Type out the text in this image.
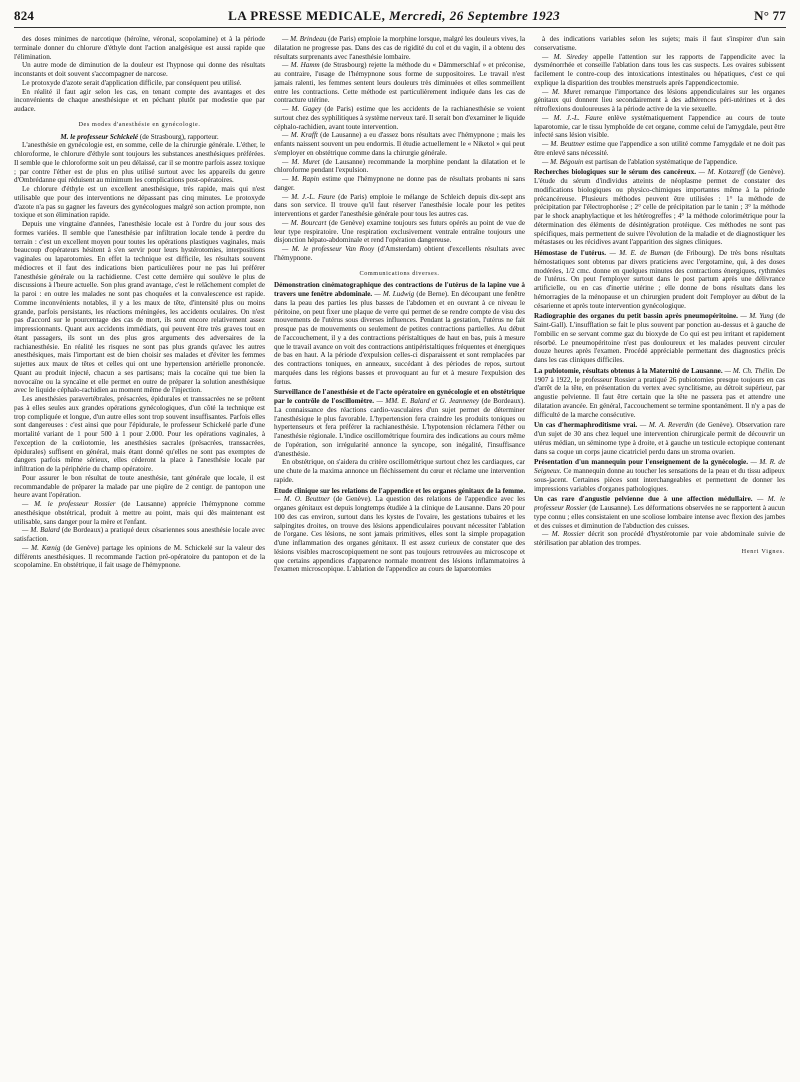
824	LA PRESSE MEDICALE, Mercredi, 26 Septembre 1923	N° 77

des doses minimes de narcotique (héroïne, véronal, scopolamine) et à la période terminale donner du chlorure d'éthyle dont l'action analgésique est aussi rapide que l'élimination.

Un autre mode de diminution de la douleur est l'hypnose qui donne des résultats inconstants et doit souvent s'accompagner de narcose.

Le protoxyde d'azote serait d'application difficile, par conséquent peu utilisé.

En réalité il faut agir selon les cas, en tenant compte des avantages et des inconvénients de chaque anesthésique et en péchant plutôt par modestie que par audace.

Des modes d'anesthésie en gynécologie.

M. le professeur Schickelé (de Strasbourg), rapporteur.

L'anesthésie en gynécologie est, en somme, celle de la chirurgie générale. L'éther, le chloroforme, le chlorure d'éthyle sont toujours les substances anesthésiques préférées. Il semble que le chloroforme soit un peu délaissé, car il se montre parfois assez toxique ; par contre l'éther est de plus en plus utilisé surtout avec les appareils du genre d'Ombrédanne qui réduisent au minimum les complications post-opératoires.

Le chlorure d'éthyle est un excellent anesthésique, très rapide, mais qui n'est utilisable que pour des interventions ne dépassant pas cinq minutes. Le protoxyde d'azote n'a pas su gagner les faveurs des gynécologues malgré son action prompte, non toxique et son élimination rapide.

Depuis une vingtaine d'années, l'anesthésie locale est à l'ordre du jour sous des formes variées. Il semble que l'anesthésie par infiltration locale tende à perdre du terrain : c'est un excellent moyen pour toutes les opérations plastiques vaginales, mais beaucoup d'opérateurs hésitent à s'en servir pour leurs hystérotomies, interpositions vaginales ou laparotomies. En effet la technique est difficile, les résultats souvent médiocres et il faut des indications bien particulières pour ne pas lui préférer l'anesthésie générale ou la rachidienne. C'est cette dernière qui soulève le plus de discussions à l'heure actuelle. Son plus grand avantage, c'est le relâchement complet de la paroi : en outre les malades ne sont pas choquées et la convalescence est rapide. Comme inconvénients notables, il y a les maux de tête, d'intensité plus ou moins grande, parfois persistants, les réactions méningées, les accidents oculaires. On n'est pas d'accord sur le pourcentage des cas de mort, ils sont encore relativement assez impressionnants. Quant aux accidents immédiats, qui peuvent être très graves tout en étant passagers, ils sont un des plus gros arguments des adversaires de la rachianesthésie. En réalité les risques ne sont pas plus grands qu'avec les autres anesthésiques, mais l'important est de bien choisir ses malades et d'éviter les femmes sujettes aux maux de têtes et celles qui ont une hypertension artérielle prononcée. Quant au produit injecté, chacun a ses partisans; mais la cocaïne qui tue bien la novocaïne ou la syncaïne et elle permet en outre de préparer la solution anesthésique avec le liquide céphalo-rachidien au moment même de l'injection.

Les anesthésies paravertébrales, présacrées, épidurales et transsacrées ne se prêtent pas à elles seules aux grandes opérations gynécologiques, d'un côté la technique est trop compliquée et longue, d'un autre elles sont trop souvent insuffisantes. Parfois elles sont dangereuses : c'est ainsi que pour l'épidurale, le professeur Schickelé parle d'une mortalité variant de 1 pour 500 à 1 pour 2.000. Pour les opérations vaginales, à l'exception de la cœliotomie, les anesthésies sacrales (présacrées, transsacrées, épidurales) suffisent en général, mais étant donné qu'elles ne sont pas exemptes de dangers parfois même sérieux, elles céderont la place à l'anesthésie locale par infiltration de la périphérie du champ opératoire.

Pour assurer le bon résultat de toute anesthésie, tant générale que locale, il est recommandable de préparer la malade par une piqûre de 2 centigr. de pantopon une heure avant l'opération.

— M. le professeur Rossier (de Lausanne) apprécie l'hémypnone comme anesthésique obstétrical, produit à mettre au point, mais qui dès maintenant est utilisable, sans danger pour la mère et l'enfant.

— M. Balard (de Bordeaux) a pratiqué deux césariennes sous anesthésie locale avec satisfaction.

— M. Kœnig (de Genève) partage les opinions de M. Schickelé sur la valeur des différents anesthésiques. Il recommande l'action pré-opératoire du pantopon et de la scopolamine. En obstétrique, il fait usage de l'hémypnone.

— M. Brindeau (de Paris) emploie la morphine lorsque, malgré les douleurs vives, la dilatation ne progresse pas. Dans des cas de rigidité du col et du vagin, il a obtenu des résultats surprenants avec l'anesthésie lombaire.

— M. Hamm (de Strasbourg) rejette la méthode du « Dämmerschlaf » et préconise, au contraire, l'usage de l'hémypnone sous forme de suppositoires. Le travail n'est jamais ralenti, les femmes sentent leurs douleurs très diminuées et elles sommeillent entre les contractions. Cette méthode est particulièrement indiquée dans les cas de contracture utérine.

— M. Gagey (de Paris) estime que les accidents de la rachianesthésie se voient surtout chez des syphilitiques à système nerveux taré. Il serait bon d'examiner le liquide céphalo-rachidien, avant toute intervention.

— M. Krafft (de Lausanne) a eu d'assez bons résultats avec l'hémypnone ; mais les enfants naissent souvent un peu endormis. Il étudie actuellement le « Niketol » qui peut s'employer en obstétrique comme dans la chirurgie générale.

— M. Muret (de Lausanne) recommande la morphine pendant la dilatation et le chloroforme pendant l'expulsion.

— M. Rapin estime que l'hémypnone ne donne pas de résultats probants ni sans danger.

— M. J.-L. Faure (de Paris) emploie le mélange de Schleich depuis dix-sept ans dans son service. Il trouve qu'il faut réserver l'anesthésie locale pour les petites interventions et garder l'anesthésie générale pour tous les autres cas.

— M. Bourcart (de Genève) examine toujours ses futurs opérés au point de vue de leur type respiratoire. Une respiration exclusivement ventrale entraîne toujours une disjonction hépato-abdominale et rend l'opération dangereuse.

— M. le professeur Van Rooy (d'Amsterdam) obtient d'excellents résultats avec l'hémypnone.

Communications diverses.

Démonstration cinématographique des contractions de l'utérus de la lapine vue à travers une fenêtre abdominale. — M. Ludwig (de Berne). En découpant une fenêtre dans la peau des parties les plus basses de l'abdomen et en ouvrant à ce niveau le péritoine, on peut fixer une plaque de verre qui permet de se rendre compte de visu des mouvements de l'utérus sous diverses influences. Pendant la gestation, l'utérus ne fait presque pas de mouvements ou seulement de petites contractions partielles. Au début de l'accouchement, il y a des contractions péristaltiques de haut en bas, puis à mesure que le travail avance on voit des contractions antipéristaltiques fréquentes et énergiques de bas en haut. A la période d'expulsion celles-ci disparaissent et sont remplacées par des contractions toniques, en anneaux, succédant à des périodes de repos, surtout marquées dans les régions basses et provoquant au fur et à mesure l'expulsion des fœtus.

Surveillance de l'anesthésie et de l'acte opératoire en gynécologie et en obstétrique par le contrôle de l'oscillomètre. — MM. E. Balard et G. Jeanneney (de Bordeaux). La connaissance des réactions cardio-vasculaires d'un sujet permet de déterminer l'anesthésique le plus favorable. L'hypertension fera craindre les produits toniques ou hypertenseurs et fera préférer la rachianesthésie. L'hypotension réclamera l'éther ou l'anesthésie régionale. L'indice oscillométrique fournira des indications au cours même de l'opération, son irrégularité annonce la syncope, son inégalité, l'insuffisance d'anesthésie.

En obstétrique, on s'aidera du critère oscillométrique surtout chez les cardiaques, car une chute de la maxima annonce un fléchissement du cœur et réclame une intervention rapide.

Etude clinique sur les relations de l'appendice et les organes génitaux de la femme. — M. O. Beuttner (de Genève). La question des relations de l'appendice avec les organes génitaux est depuis longtemps étudiée à la clinique de Lausanne. Dans 20 pour 100 des cas environ, surtout dans les kystes de l'ovaire, les gestations tubaires et les salpingites droites, on trouve des lésions appendiculaires pouvant nécessiter l'ablation de l'organe. Ces lésions, ne sont jamais primitives, elles sont la simple propagation d'une inflammation des organes génitaux. Il est assez curieux de constater que des lésions visibles macroscopiquement ne sont pas toujours retrouvées au microscope et que certains appendices d'apparence normale montrent des lésions inflammatoires à l'examen microscopique. L'ablation de l'appendice au cours de laparotomies

à des indications variables selon les sujets; mais il faut s'inspirer d'un sain conservatisme.

— M. Siredey appelle l'attention sur les rapports de l'appendicite avec la dysménorrhée et conseille l'ablation dans tous les cas suspects. Les ovaires subissent facilement le contre-coup des intoxications intestinales ou hépatiques, c'est ce qui explique la disparition des troubles menstruels après l'appendicectomie.

— M. Muret remarque l'importance des lésions appendiculaires sur les organes génitaux qui donnent lieu secondairement à des adhérences péri-utérines et à des rétroflexions douloureuses à la période active de la vie sexuelle.

— M. J.-L. Faure enlève systématiquement l'appendice au cours de toute laparotomie, car le tissu lymphoïde de cet organe, comme celui de l'amygdale, peut être infecté sans lésion visible.

— M. Beuttner estime que l'appendice a son utilité comme l'amygdale et ne doit pas être enlevé sans nécessité.

— M. Bégouin est partisan de l'ablation systématique de l'appendice.

Recherches biologiques sur le sérum des cancéreux. — M. Kotzareff (de Genève). L'étude du sérum d'individus atteints de néoplasme permet de constater des modifications biologiques ou physico-chimiques importantes même à la période précancéreuse. Plusieurs méthodes peuvent être utilisées : 1° la méthode de précipitation par l'électrophorèse ; 2° celle de précipitation par le tanin ; 3° la méthode par le shock anaphylactique et les hétérogreffes ; 4° la méthode colorimétrique pour la détermination des éléments de désintégration protéique. Ces méthodes ne sont pas spécifiques, mais permettent de suivre l'évolution de la maladie et de diagnostiquer les métastases ou les récidives avant l'apparition des signes cliniques.

Hémostase de l'utérus. — M. E. de Buman (de Fribourg). De très bons résultats hémostatiques sont obtenus par divers praticiens avec l'ergotamine, qui, à des doses modérées, 1/2 cmc. donne en quelques minutes des contractions énergiques, rythmées de l'utérus. On peut l'employer surtout dans le post partum après une délivrance artificielle, ou en cas d'inertie utérine ; elle donne de bons résultats dans les hémorragies de la ménopause et un chirurgien prudent doit l'employer au début de la césarienne et après toute intervention gynécologique.

Radiographie des organes du petit bassin après pneumopéritoine. — M. Yung (de Saint-Gall). L'insufflation se fait le plus souvent par ponction au-dessus et à gauche de l'ombilic en se servant comme gaz du bioxyde de Co qui est peu irritant et rapidement résorbé. Le pneumopéritoine n'est pas douloureux et les malades peuvent circuler douze heures après l'examen. Procédé appréciable permettant des diagnostics précis dans les cas cliniques difficiles.

La pubiotomie, résultats obtenus à la Maternité de Lausanne. — M. Ch. Thélin. De 1907 à 1922, le professeur Rossier a pratiqué 26 pubiotomies presque toujours en cas d'arrêt de la tête, en présentation du vertex avec synclitisme, au détroit supérieur, par angustie pelvienne. Il faut être certain que la tête ne passera pas et attendre une dilatation avancée. En général, l'accouchement se termine spontanément. Il n'y a pas de difficulté de la marche consécutive.

Un cas d'hermaphroditisme vrai. — M. A. Reverdin (de Genève). Observation rare d'un sujet de 30 ans chez lequel une intervention chirurgicale permit de découvrir un utérus médian, un séminome type à droite, et à gauche un testicule ectopique contenant dans sa coque un corps jaune cicatriciel perdu dans un stroma ovarien.

Présentation d'un mannequin pour l'enseignement de la gynécologie. — M. R. de Seigneux. Ce mannequin donne au toucher les sensations de la peau et du tissu adipeux sous-jacent. Certaines pièces sont interchangeables et permettent de donner les impressions variables d'organes pathologiques.

Un cas rare d'angustie pelvienne due à une affection médullaire. — M. le professeur Rossier (de Lausanne). Les déformations observées ne se rapportent à aucun type connu ; elles consistaient en une scoliose lombaire intense avec flexion des jambes et des cuisses et diminution de l'abduction des cuisses.

— M. Rossier décrit son procédé d'hystérotomie par voie abdominale suivie de stérilisation par ablation des trompes.

Henri Vignes.
